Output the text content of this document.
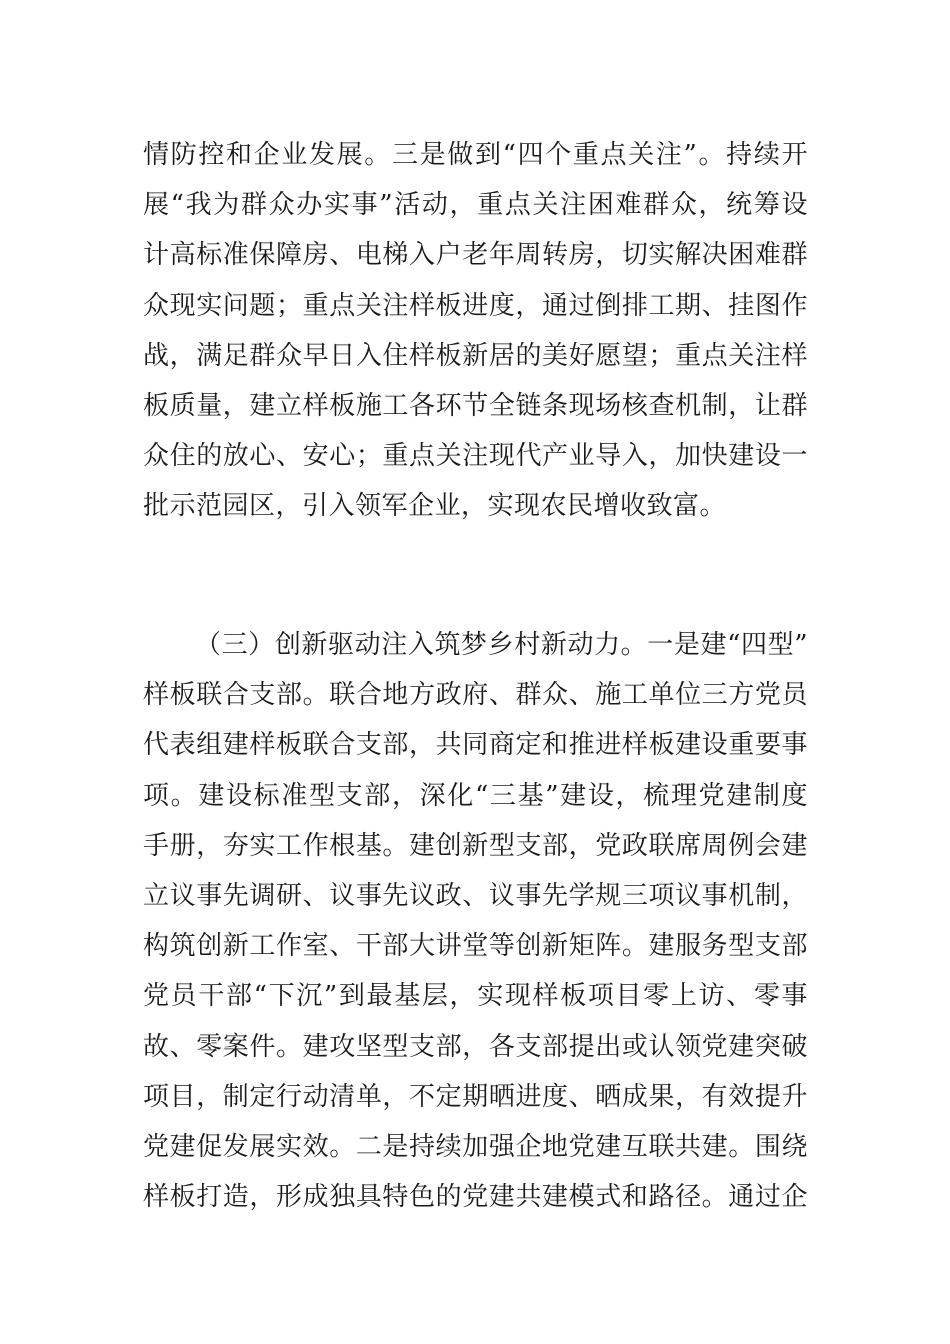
情防控和企业发展。三是做到“四个重点关注”。持续开
展“我为群众办实事”活动，重点关注困难群众，统筹设
计高标准保障房、电梯入户老年周转房，切实解决困难群
众现实问题；重点关注样板进度，通过倒排工期、挂图作
战，满足群众早日入住样板新居的美好愿望；重点关注样
板质量，建立样板施工各环节全链条现场核查机制，让群
众住的放心、安心；重点关注现代产业导入，加快建设一
批示范园区，引入领军企业，实现农民增收致富。
（三）创新驱动注入筑梦乡村新动力。一是建“四型”
样板联合支部。联合地方政府、群众、施工单位三方党员
代表组建样板联合支部，共同商定和推进样板建设重要事
项。建设标准型支部，深化“三基”建设，梳理党建制度
手册，夯实工作根基。建创新型支部，党政联席周例会建
立议事先调研、议事先议政、议事先学规三项议事机制，
构筑创新工作室、干部大讲堂等创新矩阵。建服务型支部
党员干部“下沉”到最基层，实现样板项目零上访、零事
故、零案件。建攻坚型支部，各支部提出或认领党建突破
项目，制定行动清单，不定期晒进度、晒成果，有效提升
党建促发展实效。二是持续加强企地党建互联共建。围绕
样板打造，形成独具特色的党建共建模式和路径。通过企
